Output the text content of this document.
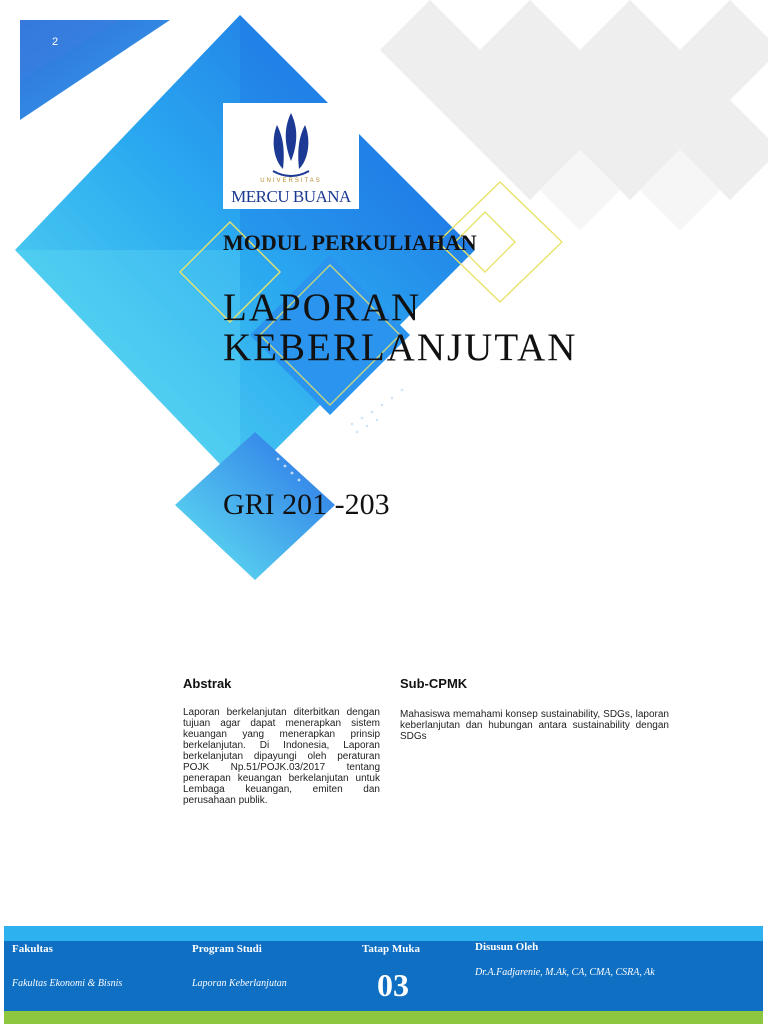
2
UNIVERSITAS
MERCU BUANA
MODUL PERKULIAHAN
LAPORAN
KEBERLANJUTAN
GRI 201 -203
Abstrak
Laporan berkelanjutan diterbitkan dengan tujuan agar dapat menerapkan sistem keuangan yang menerapkan prinsip berkelanjutan. Di Indonesia, Laporan berkelanjutan dipayungi oleh peraturan POJK Np.51/POJK.03/2017 tentang penerapan keuangan berkelanjutan untuk Lembaga keuangan, emiten dan perusahaan publik.
Sub-CPMK
Mahasiswa memahami konsep sustainability, SDGs, laporan keberlanjutan dan hubungan antara sustainability dengan SDGs
Fakultas
Fakultas Ekonomi & Bisnis
Program Studi
Laporan Keberlanjutan
Tatap Muka
03
Disusun Oleh
Dr.A.Fadjarenie, M.Ak, CA, CMA, CSRA, Ak
